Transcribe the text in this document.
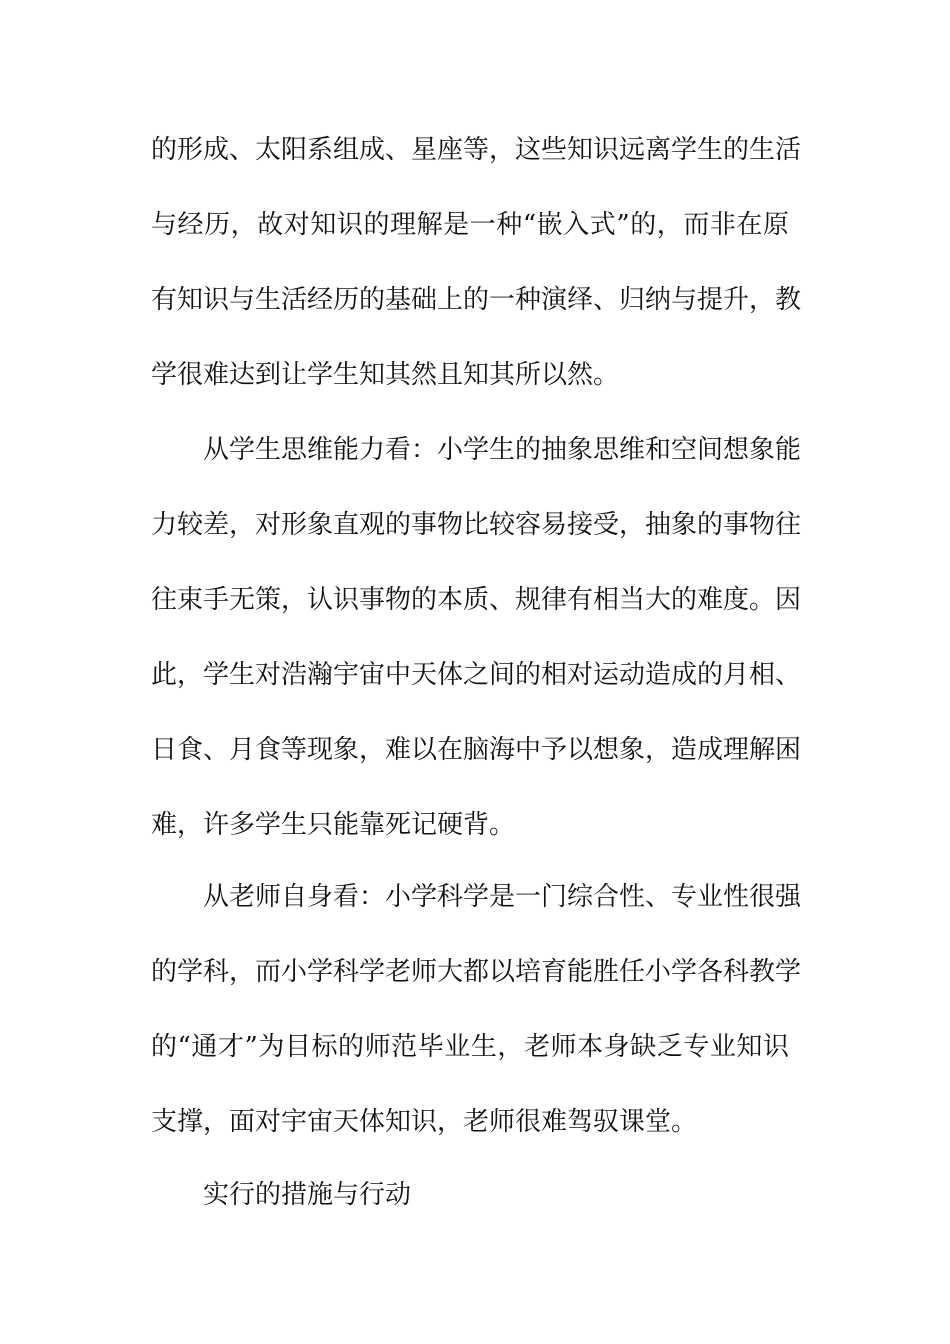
的形成、太阳系组成、星座等，这些知识远离学生的生活
与经历，故对知识的理解是一种“嵌入式”的，而非在原
有知识与生活经历的基础上的一种演绎、归纳与提升，教
学很难达到让学生知其然且知其所以然。
从学生思维能力看：小学生的抽象思维和空间想象能
力较差，对形象直观的事物比较容易接受，抽象的事物往
往束手无策，认识事物的本质、规律有相当大的难度。因
此，学生对浩瀚宇宙中天体之间的相对运动造成的月相、
日食、月食等现象，难以在脑海中予以想象，造成理解困
难，许多学生只能靠死记硬背。
从老师自身看：小学科学是一门综合性、专业性很强
的学科，而小学科学老师大都以培育能胜任小学各科教学
的“通才”为目标的师范毕业生，老师本身缺乏专业知识
支撑，面对宇宙天体知识，老师很难驾驭课堂。
实行的措施与行动
